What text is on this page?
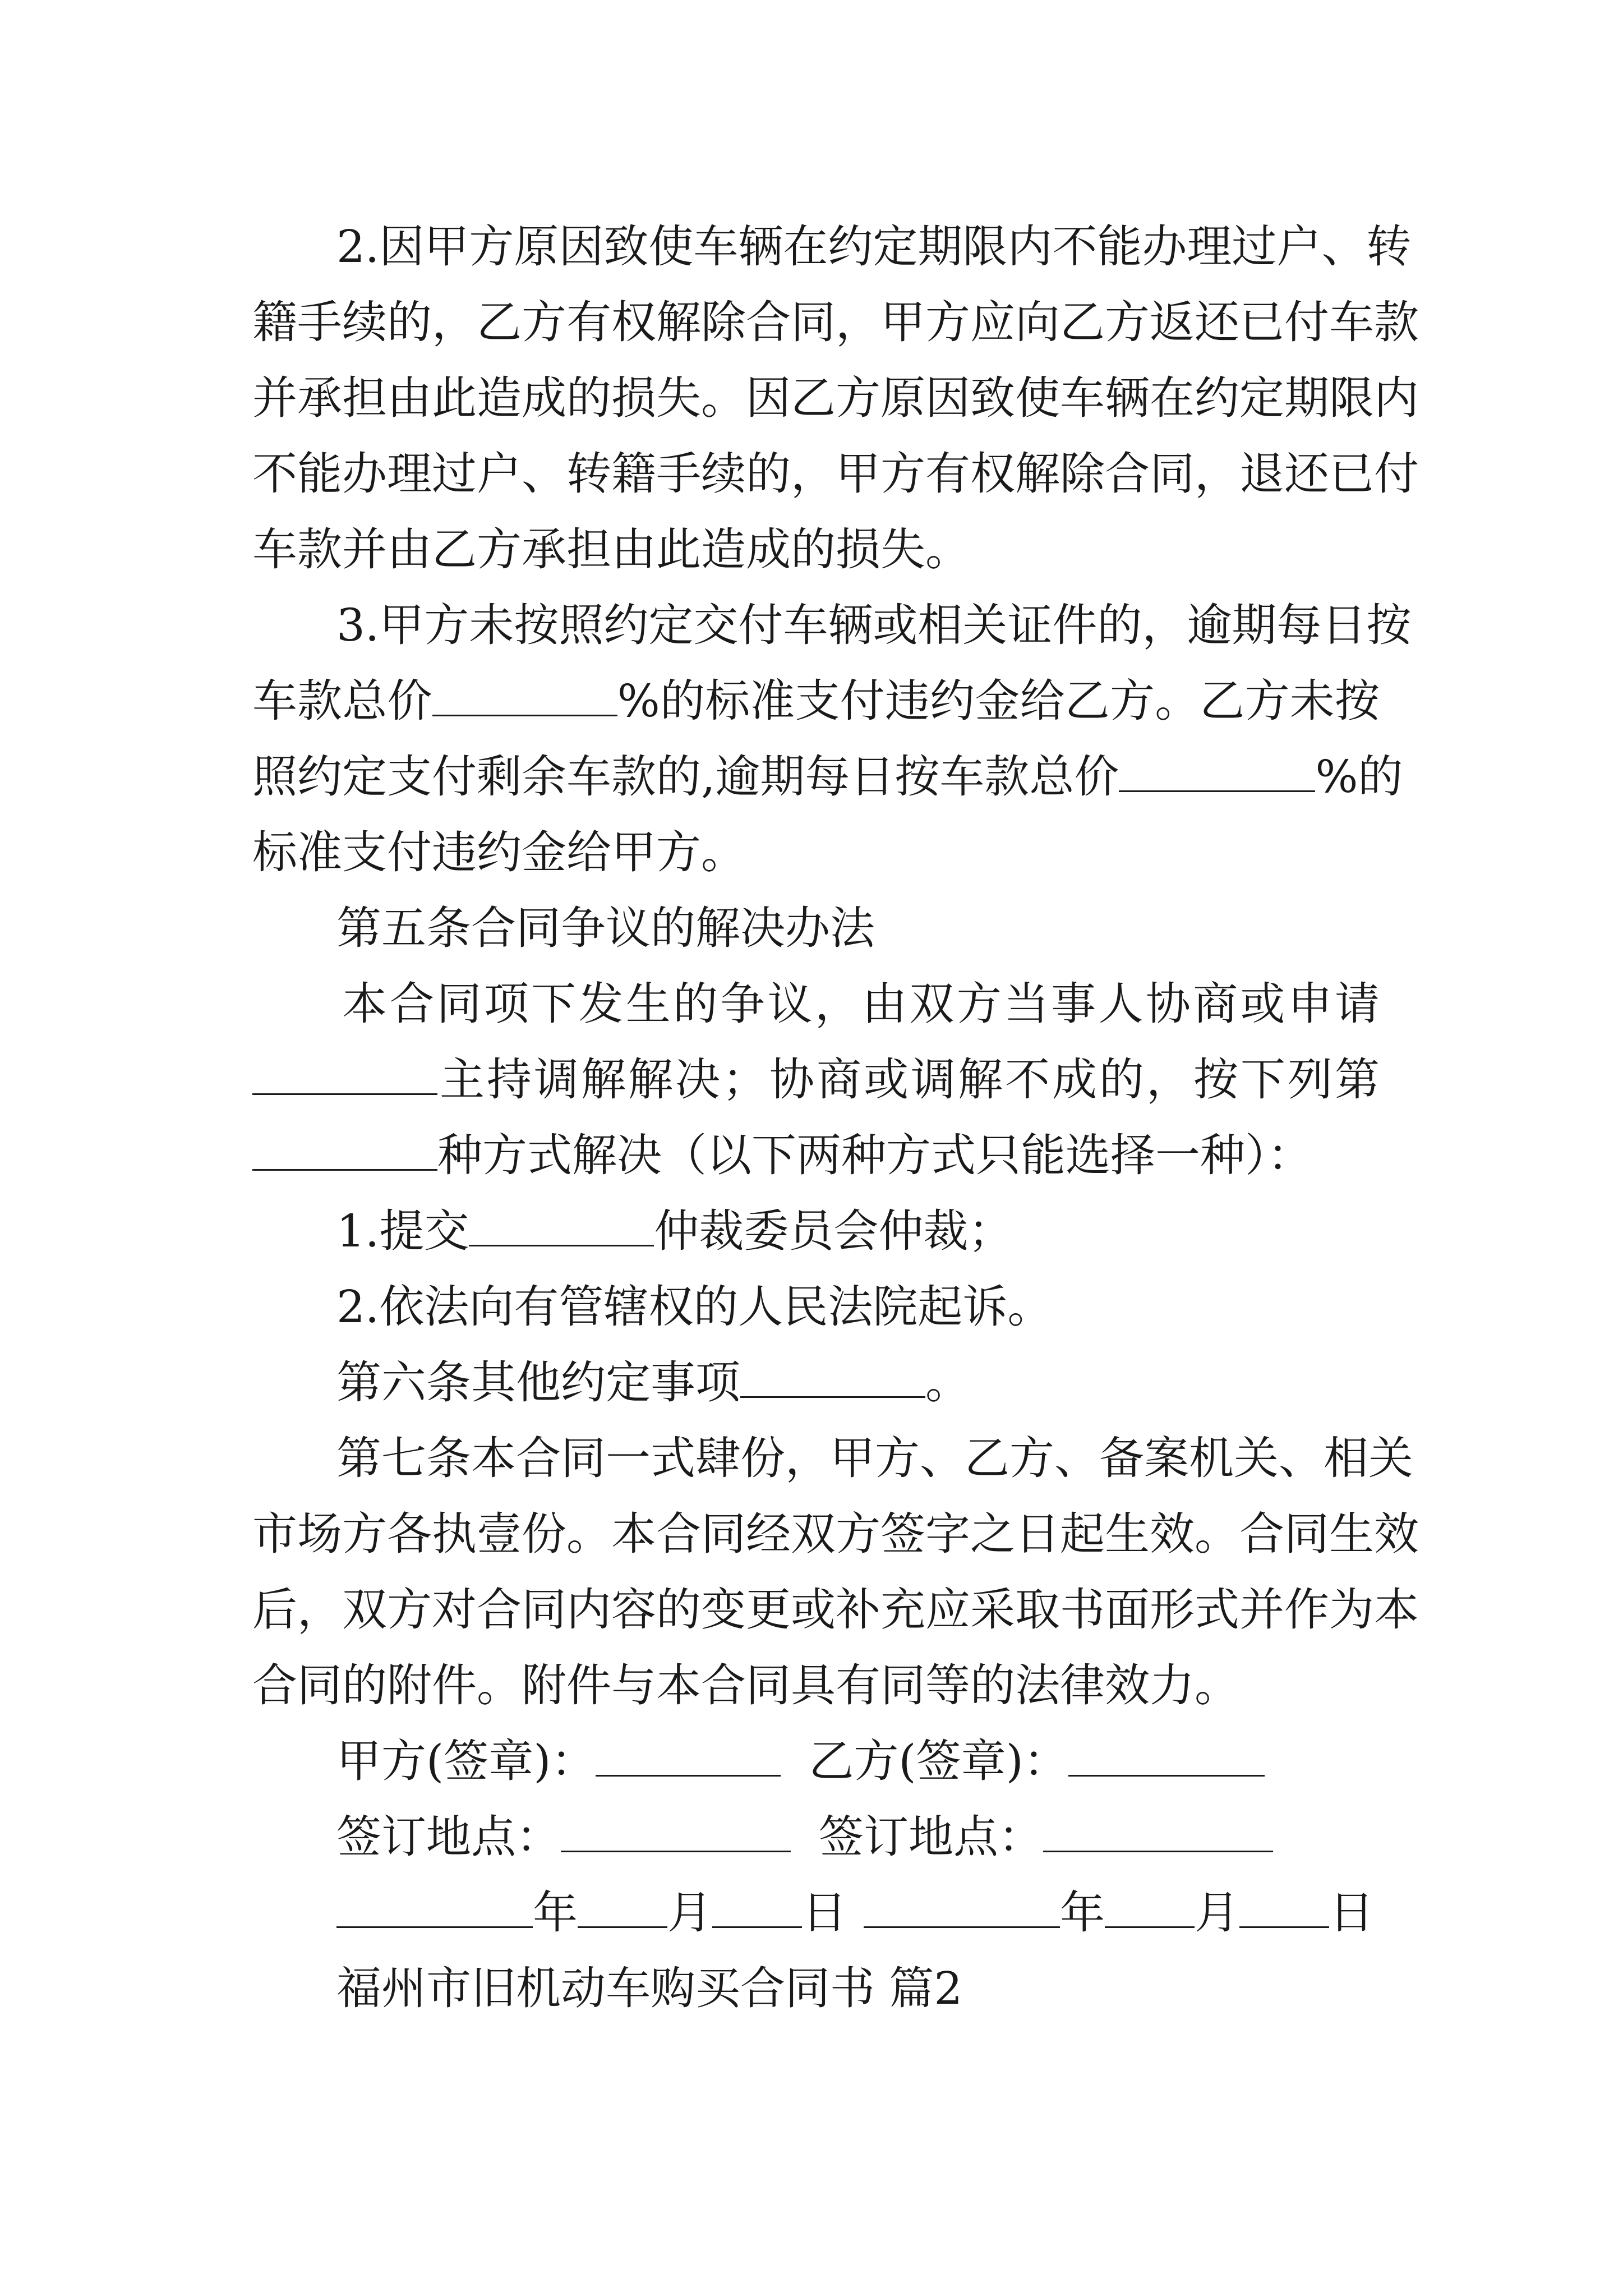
2.因甲方原因致使车辆在约定期限内不能办理过户、转
籍手续的，乙方有权解除合同，甲方应向乙方返还已付车款
并承担由此造成的损失。因乙方原因致使车辆在约定期限内
不能办理过户、转籍手续的，甲方有权解除合同，退还已付
车款并由乙方承担由此造成的损失。
3.甲方未按照约定交付车辆或相关证件的，逾期每日按
车款总价	%的标准支付违约金给乙方。乙方未按
照约定支付剩余车款的,逾期每日按车款总价	%的
标准支付违约金给甲方。
第五条合同争议的解决办法
本合同项下发生的争议，由双方当事人协商或申请
主持调解解决；协商或调解不成的，按下列第
种方式解决（以下两种方式只能选择一种）：
1.提交	仲裁委员会仲裁；
2.依法向有管辖权的人民法院起诉。
第六条其他约定事项	。
第七条本合同一式肆份，甲方、乙方、备案机关、相关
市场方各执壹份。本合同经双方签字之日起生效。合同生效
后，双方对合同内容的变更或补充应采取书面形式并作为本
合同的附件。附件与本合同具有同等的法律效力。
甲方(签章)：	乙方(签章)：
签订地点：	签订地点：
年 月 日	年 月 日
福州市旧机动车购买合同书 篇2
